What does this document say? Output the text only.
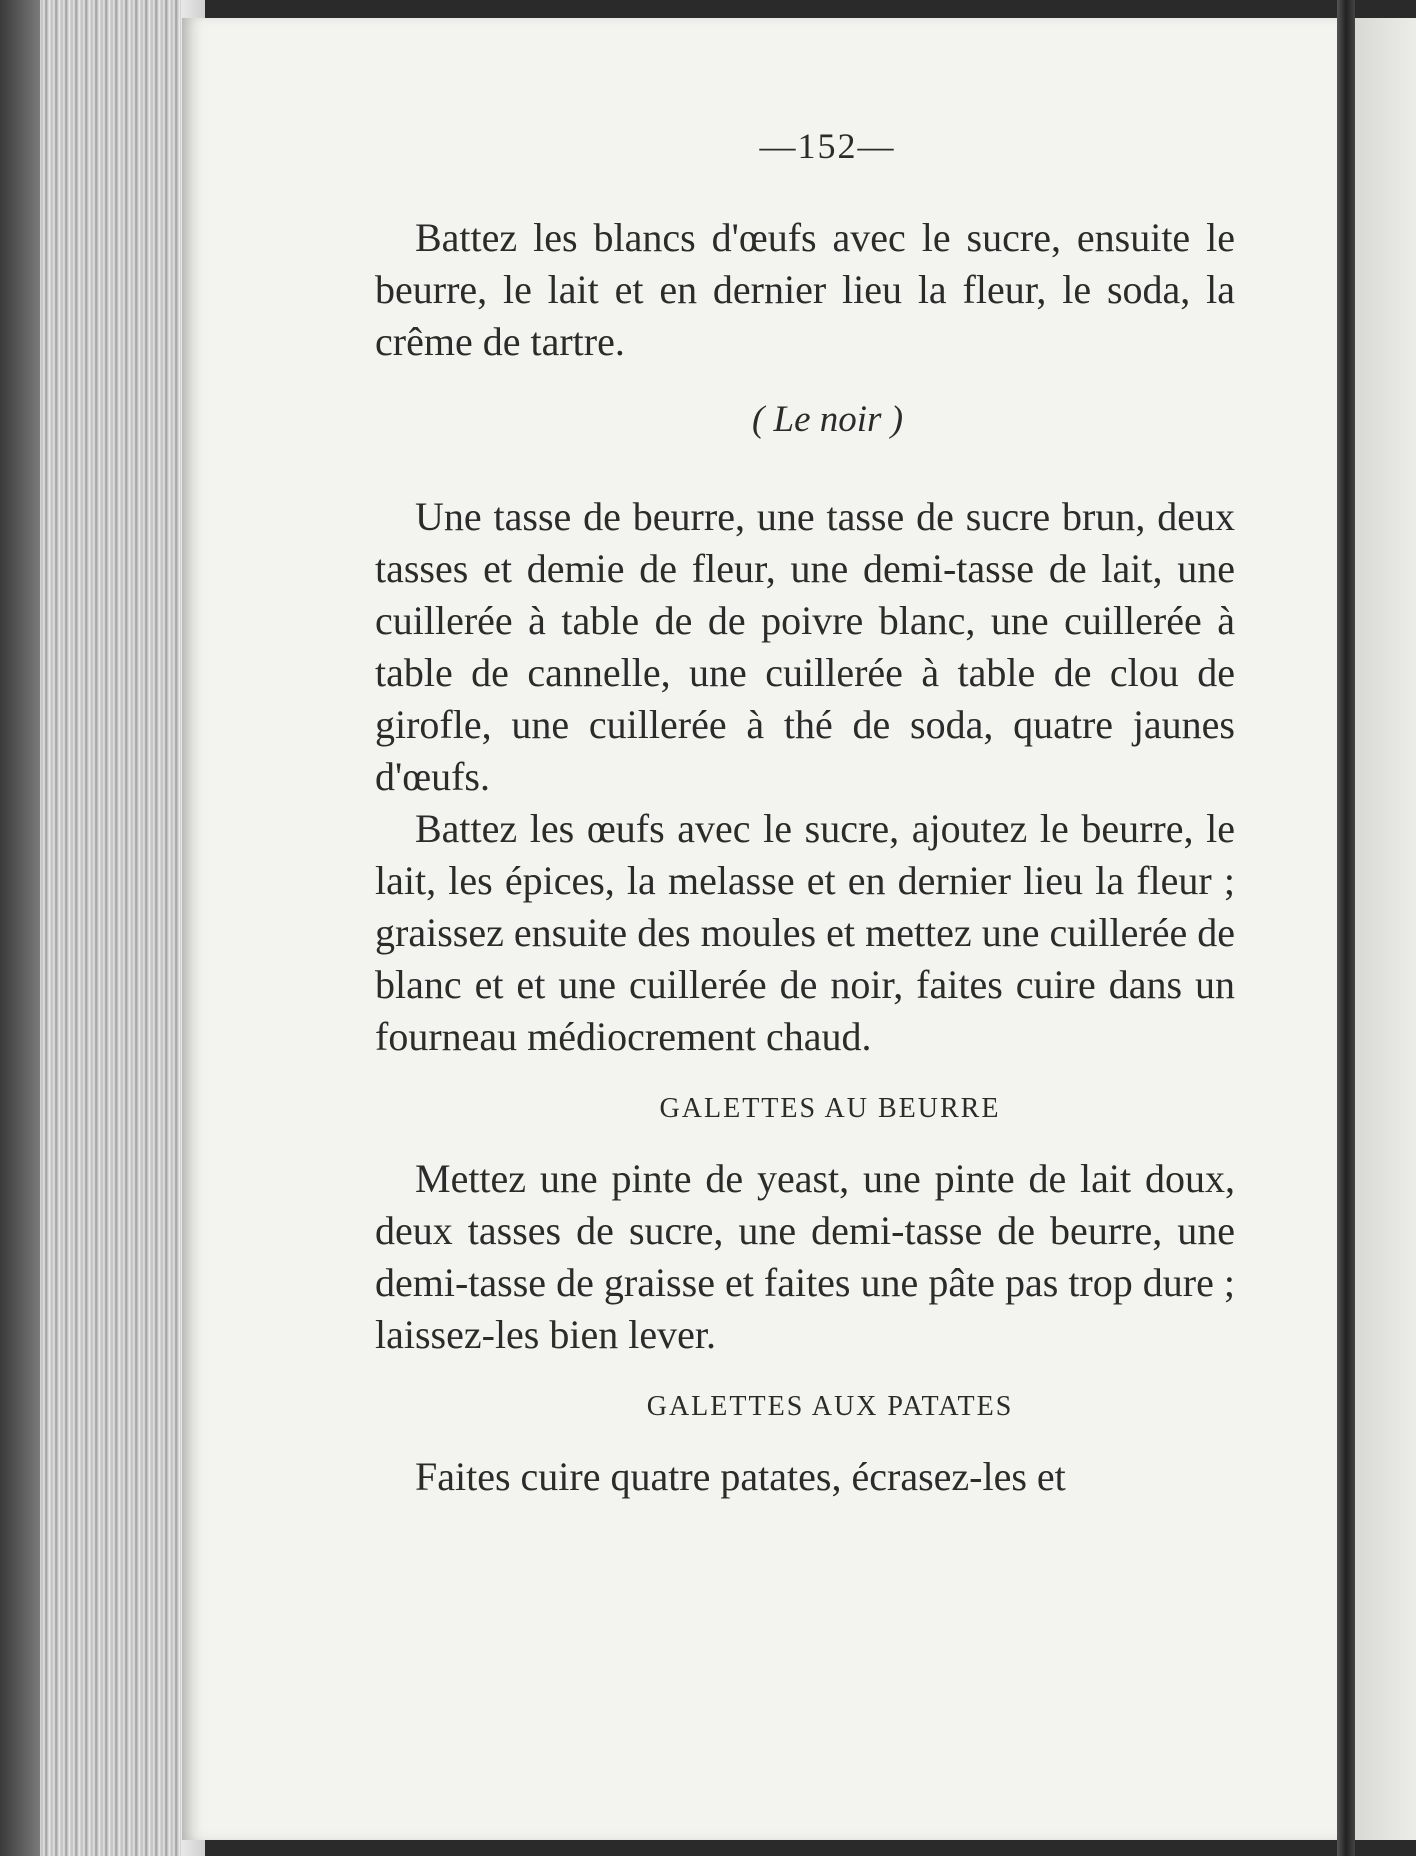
—152—

Battez les blancs d'œufs avec le sucre, ensuite le beurre, le lait et en dernier lieu la fleur, le soda, la crême de tartre.

( Le noir )

Une tasse de beurre, une tasse de sucre brun, deux tasses et demie de fleur, une demi-tasse de lait, une cuillerée à table de de poivre blanc, une cuillerée à table de cannelle, une cuillerée à table de clou de girofle, une cuillerée à thé de soda, quatre jaunes d'œufs.

Battez les œufs avec le sucre, ajoutez le beurre, le lait, les épices, la melasse et en dernier lieu la fleur ; graissez ensuite des moules et mettez une cuillerée de blanc et et une cuillerée de noir, faites cuire dans un fourneau médiocrement chaud.

GALETTES AU BEURRE

Mettez une pinte de yeast, une pinte de lait doux, deux tasses de sucre, une demi-tasse de beurre, une demi-tasse de graisse et faites une pâte pas trop dure ; laissez-les bien lever.

GALETTES AUX PATATES

Faites cuire quatre patates, écrasez-les et
